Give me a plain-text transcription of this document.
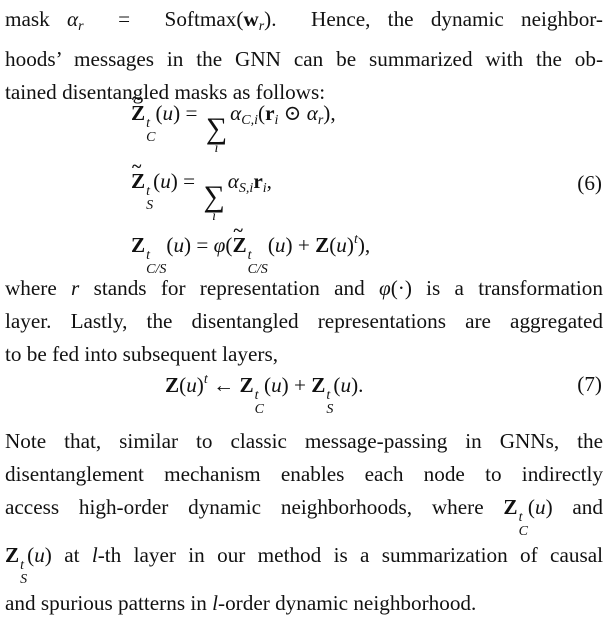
mask $\alpha_r$  =  $Softmax(w_r)$.  Hence, the dynamic neighbor-
hoods’ messages in the GNN can be summarized with the ob-
tained disentangled masks as follows:
~ Z t
C
(u) = ∑
i
$\alpha_{C,i}(r_i$ ⊙ $\alpha_r$),
~ Z t
S
(u) = ∑
i
$\alpha_{S,i}r_i$,
Z t
C/S
(u) = φ(~ Z t
C/S
$(u) + Z(u)^t$),
(6)
where r stands for representation and φ(·) is a transformation
layer. Lastly, the disentangled representations are aggregated
to be fed into subsequent layers,
$Z(u)^t$ ← Z t
C
(u) + Z t
S
(u).	(7)
Note that, similar to classic message-passing in GNNs, the
disentanglement mechanism enables each node to indirectly
access high-order dynamic neighborhoods, where Z t
C
(u) and
Z t
S
(u) at l-th layer in our method is a summarization of causal
and spurious patterns in l-order dynamic neighborhood.
